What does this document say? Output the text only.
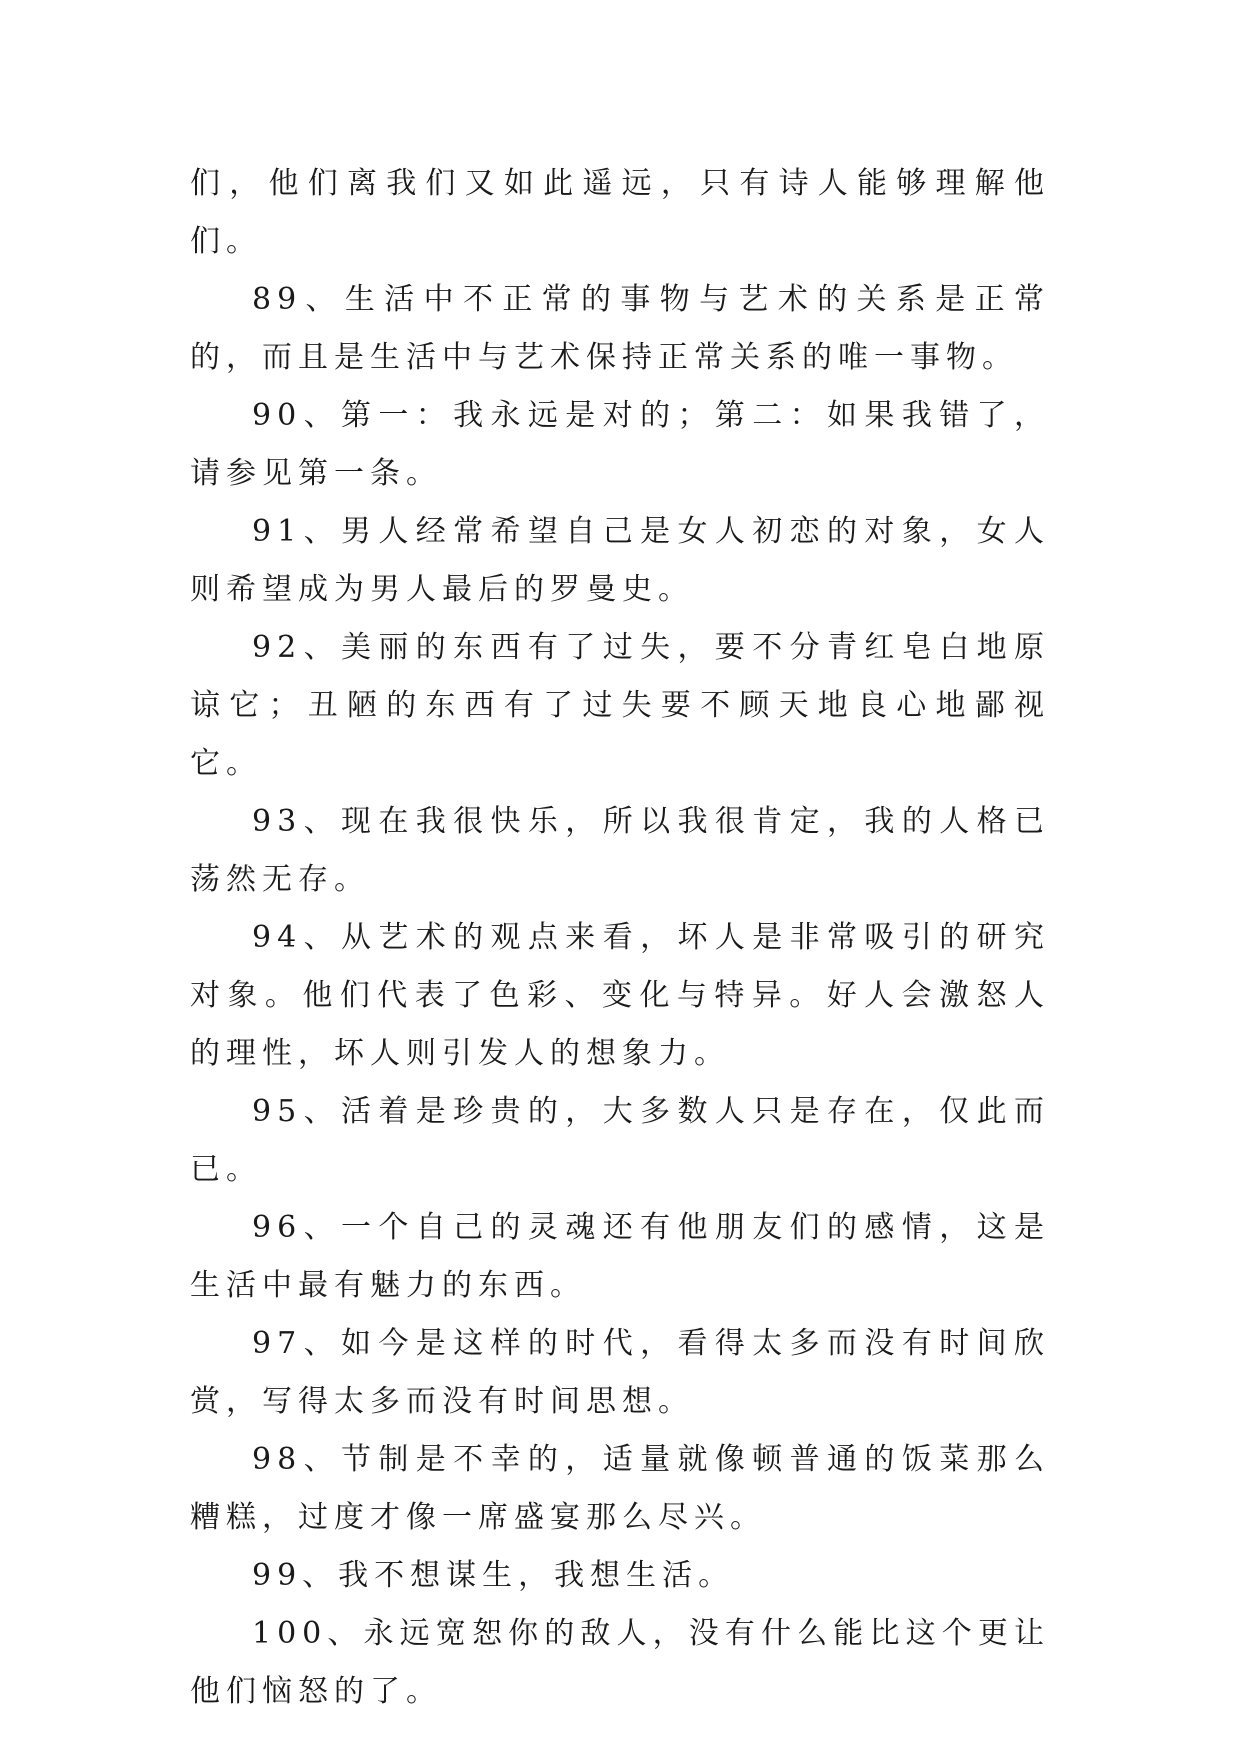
们，他们离我们又如此遥远，只有诗人能够理解他们。

89、生活中不正常的事物与艺术的关系是正常的，而且是生活中与艺术保持正常关系的唯一事物。

90、第一：我永远是对的；第二：如果我错了，请参见第一条。

91、男人经常希望自己是女人初恋的对象，女人则希望成为男人最后的罗曼史。

92、美丽的东西有了过失，要不分青红皂白地原谅它；丑陋的东西有了过失要不顾天地良心地鄙视它。

93、现在我很快乐，所以我很肯定，我的人格已荡然无存。

94、从艺术的观点来看，坏人是非常吸引的研究对象。他们代表了色彩、变化与特异。好人会激怒人的理性，坏人则引发人的想象力。

95、活着是珍贵的，大多数人只是存在，仅此而已。

96、一个自己的灵魂还有他朋友们的感情，这是生活中最有魅力的东西。

97、如今是这样的时代，看得太多而没有时间欣赏，写得太多而没有时间思想。

98、节制是不幸的，适量就像顿普通的饭菜那么糟糕，过度才像一席盛宴那么尽兴。

99、我不想谋生，我想生活。

100、永远宽恕你的敌人，没有什么能比这个更让他们恼怒的了。
